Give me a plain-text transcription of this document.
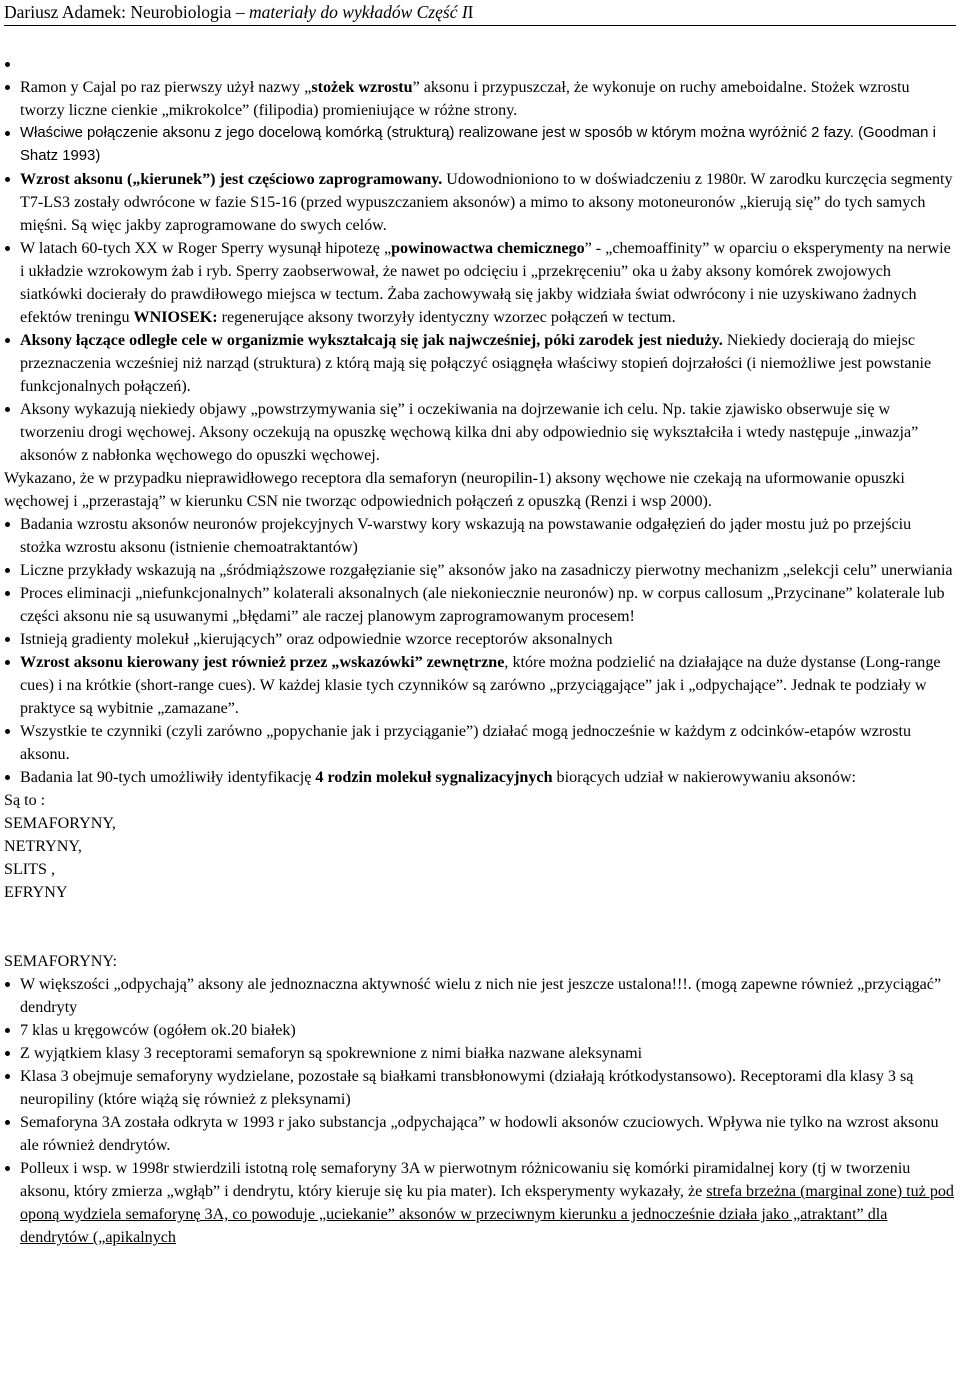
Dariusz Adamek: Neurobiologia – materiały do wykładów Część II
Ramon y Cajal po raz pierwszy użył nazwy „stożek wzrostu” aksonu i przypuszczał, że wykonuje on ruchy ameboidalne. Stożek wzrostu tworzy liczne cienkie „mikrokolce” (filipodia) promieniujące w różne strony.
Właściwe połączenie aksonu z jego docelową komórką (strukturą) realizowane jest w sposób w którym można wyróżnić 2 fazy. (Goodman i Shatz 1993)
Wzrost aksonu („kierunek”) jest częściowo zaprogramowany. Udowodnioniono to w doświadczeniu z 1980r. W zarodku kurczęcia segmenty T7-LS3 zostały odwrócone w fazie S15-16 (przed wypuszczaniem aksonów) a mimo to aksony motoneuronów „kierują się” do tych samych mięśni. Są więc jakby zaprogramowane do swych celów.
W latach 60-tych XX w Roger Sperry wysunął hipotezę „powinowactwa chemicznego” - „chemoaffinity” w oparciu o eksperymenty na nerwie i układzie wzrokowym żab i ryb. Sperry zaobserwował, że nawet po odcięciu i „przekręceniu” oka u żaby aksony komórek zwojowych siatkówki docierały do prawdiłowego miejsca w tectum. Żaba zachowywałą się jakby widziała świat odwrócony i nie uzyskiwano żadnych efektów treningu WNIOSEK: regenerujące aksony tworzyły identyczny wzorzec połączeń w tectum.
Aksony łączące odległe cele w organizmie wykształcają się jak najwcześniej, póki zarodek jest nieduży. Niekiedy docierają do miejsc przeznaczenia wcześniej niż narząd (struktura) z którą mają się połączyć osiągnęła właściwy stopień dojrzałości (i niemożliwe jest powstanie funkcjonalnych połączeń).
Aksony wykazują niekiedy objawy „powstrzymywania się” i oczekiwania na dojrzewanie ich celu. Np. takie zjawisko obserwuje się w tworzeniu drogi węchowej. Aksony oczekują na opuszkę węchową kilka dni aby odpowiednio się wykształciła i wtedy następuje „inwazja” aksonów z nabłonka węchowego do opuszki węchowej.

Wykazano, że w przypadku nieprawidłowego receptora dla semaforyn (neuropilin-1) aksony węchowe nie czekają na uformowanie opuszki węchowej i „przerastają” w kierunku CSN nie tworząc odpowiednich połączeń z opuszką (Renzi i wsp 2000).

Badania wzrostu aksonów neuronów projekcyjnych V-warstwy kory wskazują na powstawanie odgałęzień do jąder mostu już po przejściu stożka wzrostu aksonu (istnienie chemoatraktantów)
Liczne przykłady wskazują na „śródmiąższowe rozgałęzianie się” aksonów jako na zasadniczy pierwotny mechanizm „selekcji celu” unerwiania
Proces eliminacji „niefunkcjonalnych” kolaterali aksonalnych (ale niekoniecznie neuronów) np. w corpus callosum „Przycinane” kolaterale lub części aksonu nie są usuwanymi „błędami” ale raczej planowym zaprogramowanym procesem!
Istnieją gradienty molekuł „kierujących” oraz odpowiednie wzorce receptorów aksonalnych
Wzrost aksonu kierowany jest również przez „wskazówki” zewnętrzne, które można podzielić na działające na duże dystanse (Long-range cues) i na krótkie (short-range cues). W każdej klasie tych czynników są zarówno „przyciągające” jak i „odpychające”. Jednak te podziały w praktyce są wybitnie „zamazane”.
Wszystkie te czynniki (czyli zarówno „popychanie jak i przyciąganie”) działać mogą jednocześnie w każdym z odcinków-etapów wzrostu aksonu.
Badania lat 90-tych umożliwiły identyfikację 4 rodzin molekuł sygnalizacyjnych biorących udział w nakierowywaniu aksonów:

Są to :

SEMAFORYNY,

NETRYNY,

SLITS ,

EFRYNY

SEMAFORYNY:

W większości „odpychają” aksony ale jednoznaczna aktywność wielu z nich nie jest jeszcze ustalona!!!. (mogą zapewne również „przyciągać” dendryty
7 klas u kręgowców (ogółem ok.20 białek)
Z wyjątkiem klasy 3 receptorami semaforyn są spokrewnione z nimi białka nazwane aleksynami
Klasa 3 obejmuje semaforyny wydzielane, pozostałe są białkami transbłonowymi (działają krótkodystansowo). Receptorami dla klasy 3 są neuropiliny (które wiążą się również z pleksynami)
Semaforyna 3A została odkryta w 1993 r jako substancja „odpychająca” w hodowli aksonów czuciowych. Wpływa nie tylko na wzrost aksonu ale również dendrytów.
Polleux i wsp. w 1998r stwierdzili istotną rolę semaforyny 3A w pierwotnym różnicowaniu się komórki piramidalnej kory (tj w tworzeniu aksonu, który zmierza „wgłąb” i dendrytu, który kieruje się ku pia mater). Ich eksperymenty wykazały, że strefa brzeżna (marginal zone) tuż pod oponą wydziela semaforynę 3A, co powoduje „uciekanie” aksonów w przeciwnym kierunku a jednocześnie działa jako „atraktant” dla dendrytów („apikalnych
